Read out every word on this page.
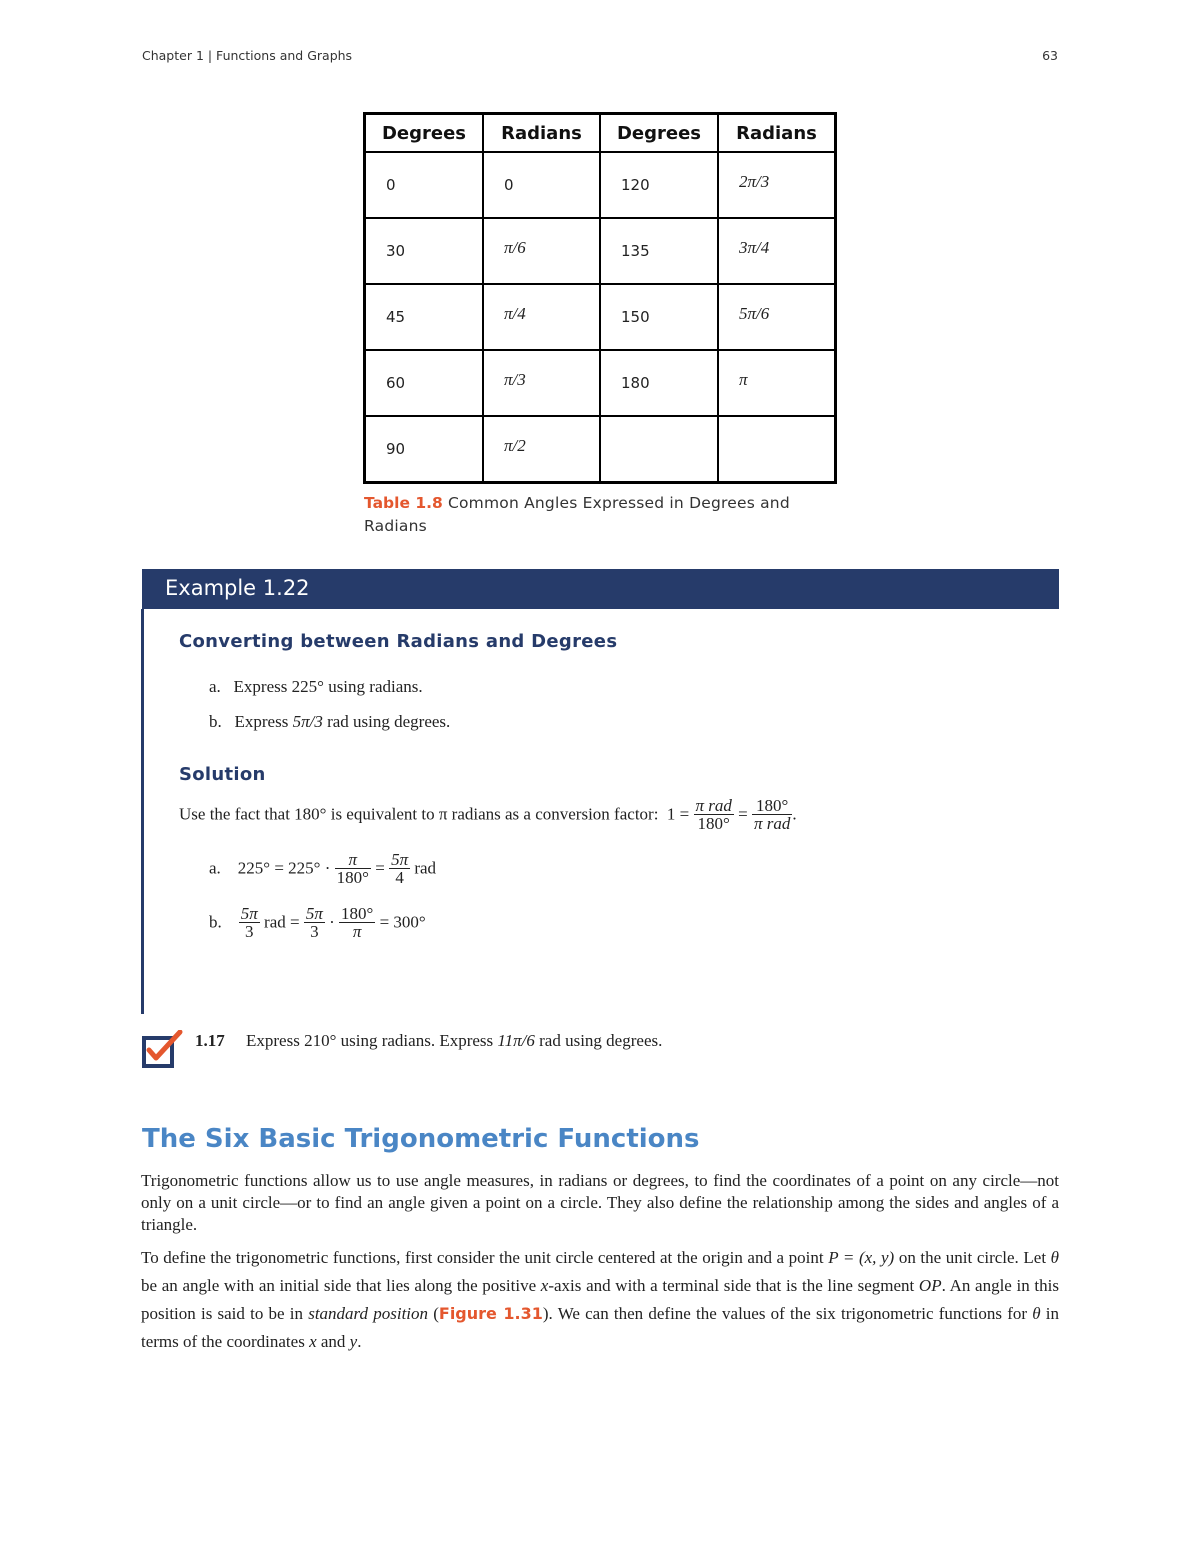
Chapter 1 | Functions and Graphs	63
Degrees	Radians	Degrees	Radians
0	0	120	2π/3
30	π/6	135	3π/4
45	π/4	150	5π/6
60	π/3	180	π
90	π/2		
Table 1.8 Common Angles Expressed in Degrees and Radians
Example 1.22
Converting between Radians and Degrees
a. Express 225° using radians.
b. Express 5π/3 rad using degrees.
Solution
Use the fact that 180° is equivalent to π radians as a conversion factor: $1 = \frac{\text{π rad}}{180^\circ} = \frac{180^\circ}{\text{π rad}}$ .
a. $225^\circ = 225^\circ \cdot \frac{\pi}{180^\circ} = \frac{5\pi}{4}$ rad
b. $\frac{5\pi}{3}$ rad = $\frac{5\pi}{3} \cdot \frac{180^\circ}{\pi} = 300^\circ$
1.17 Express 210° using radians. Express 11π/6 rad using degrees.
The Six Basic Trigonometric Functions
Trigonometric functions allow us to use angle measures, in radians or degrees, to find the coordinates of a point on any circle—not only on a unit circle—or to find an angle given a point on a circle. They also define the relationship among the sides and angles of a triangle.
To define the trigonometric functions, first consider the unit circle centered at the origin and a point P = (x, y) on the unit circle. Let θ be an angle with an initial side that lies along the positive x-axis and with a terminal side that is the line segment OP. An angle in this position is said to be in standard position (Figure 1.31). We can then define the values of the six trigonometric functions for θ in terms of the coordinates x and y.
